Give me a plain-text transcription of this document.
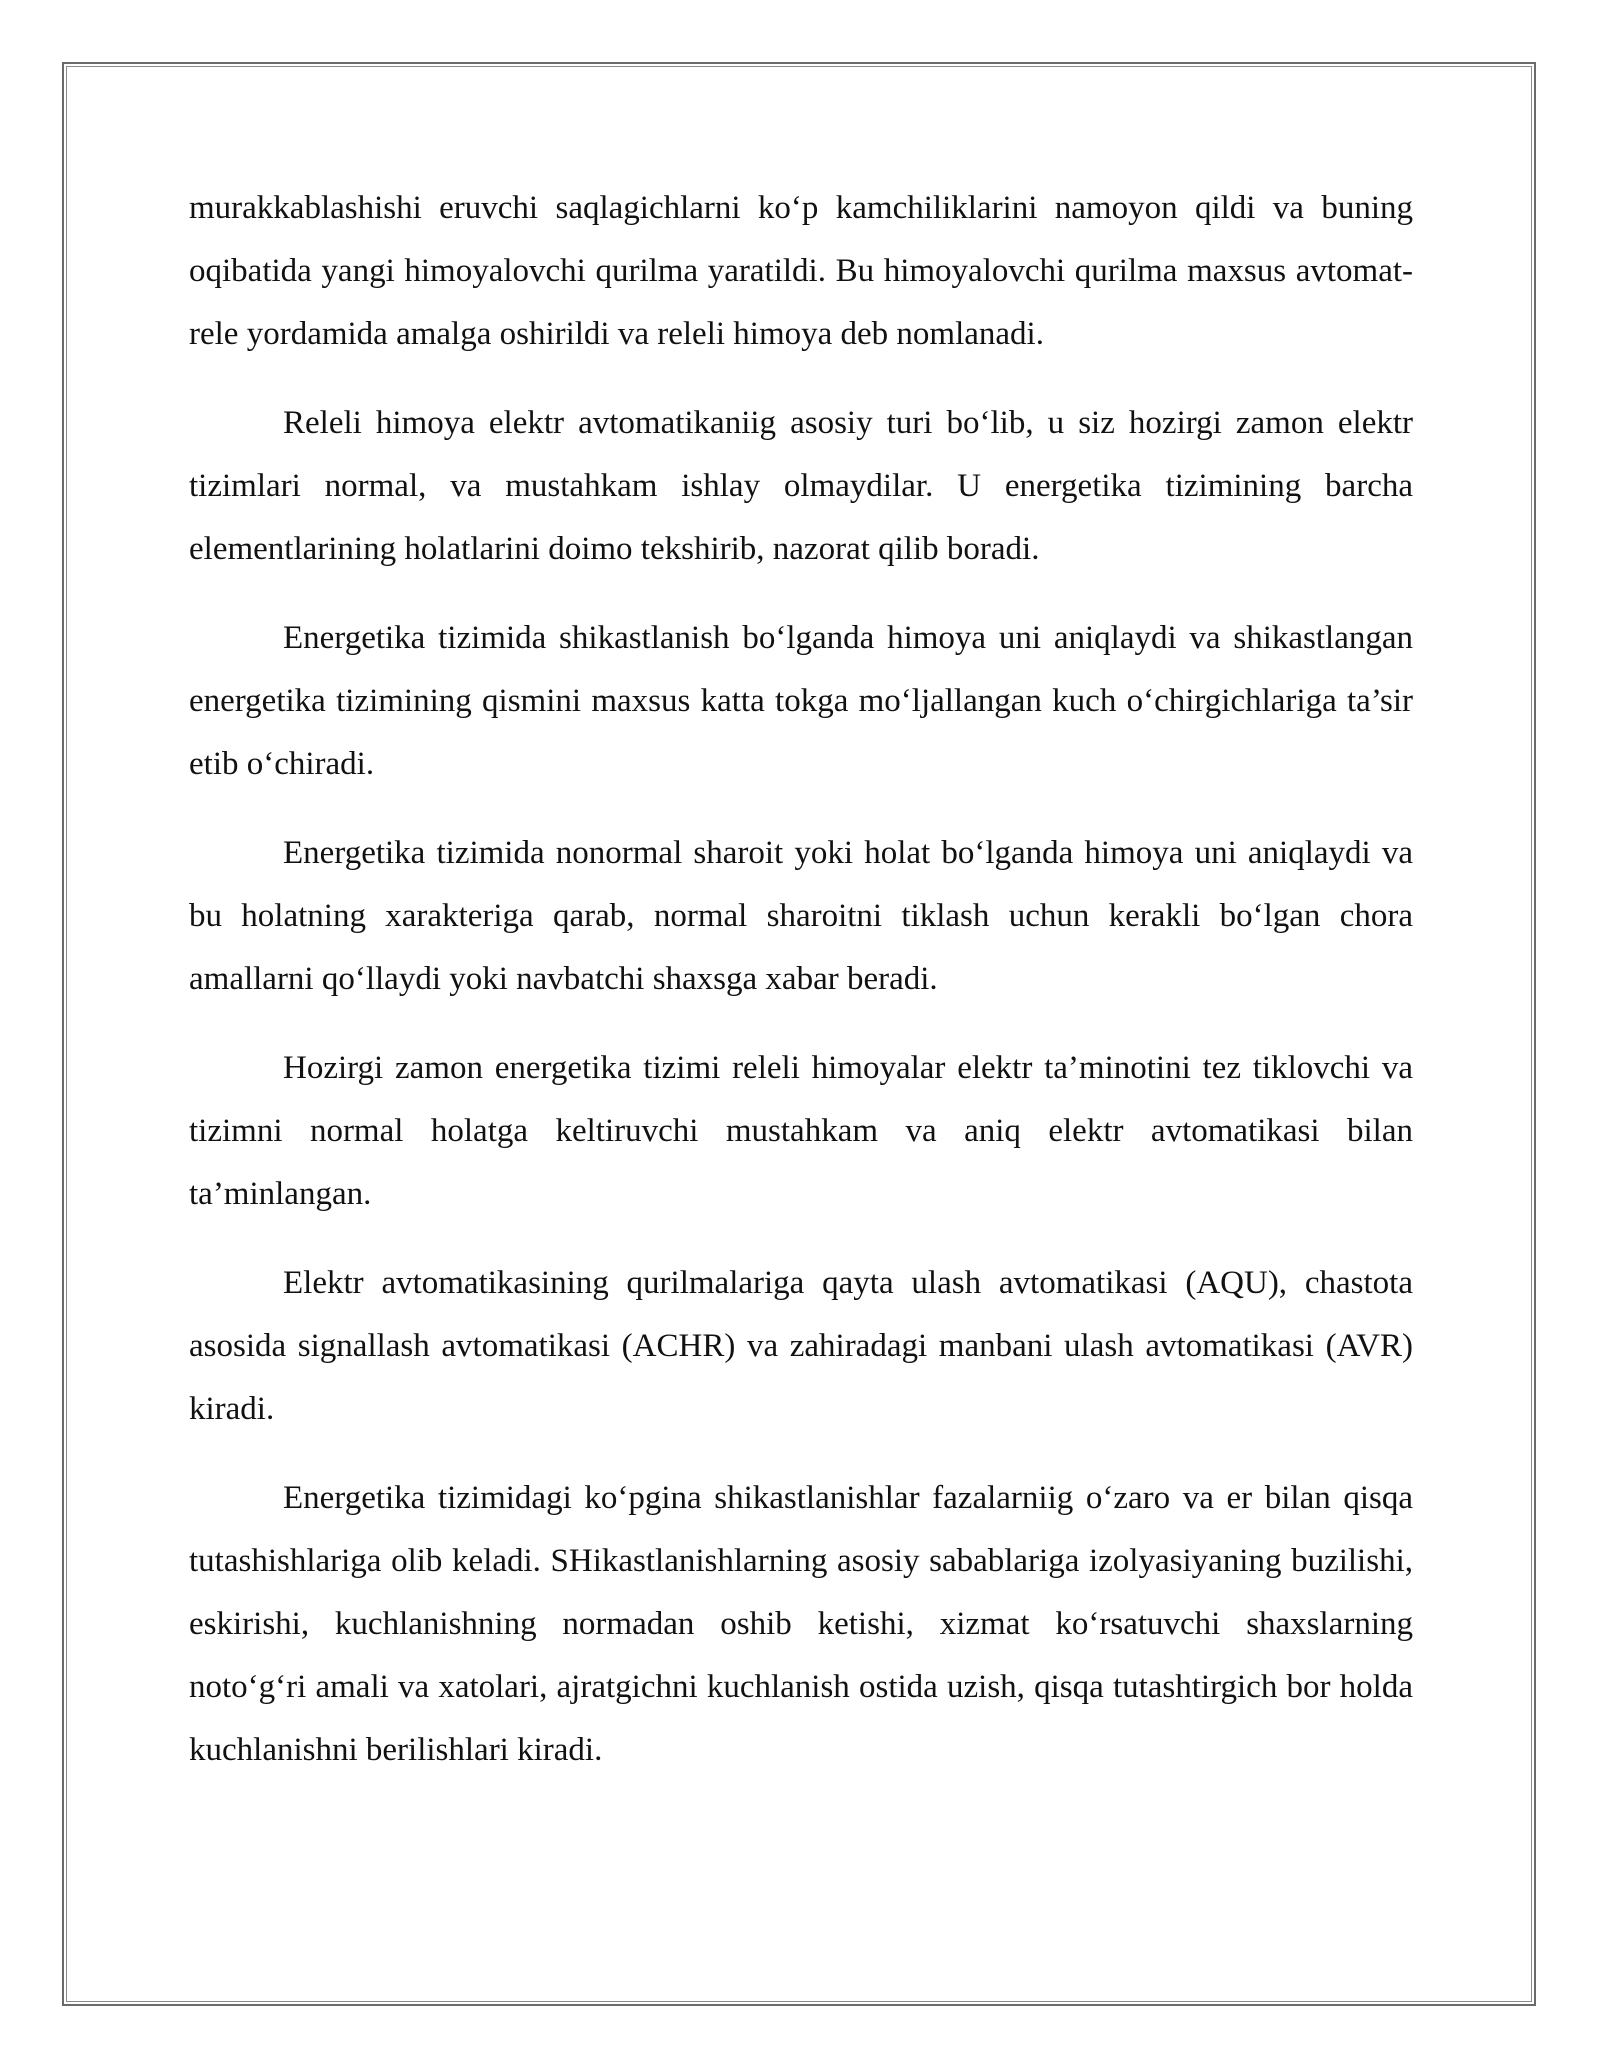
murakkablashishi eruvchi saqlagichlarni ko‘p kamchiliklarini namoyon qildi va buning oqibatida yangi himoyalovchi qurilma yaratildi. Bu himoyalovchi qurilma maxsus avtomat-rele yordamida amalga oshirildi va releli himoya deb nomlanadi.

Releli himoya elektr avtomatikaniig asosiy turi bo‘lib, u siz hozirgi zamon elektr tizimlari normal, va mustahkam ishlay olmaydilar. U energetika tizimining barcha elementlarining holatlarini doimo tekshirib, nazorat qilib boradi.

Energetika tizimida shikastlanish bo‘lganda himoya uni aniqlaydi va shikastlangan energetika tizimining qismini maxsus katta tokga mo‘ljallangan kuch o‘chirgichlariga ta’sir etib o‘chiradi.

Energetika tizimida nonormal sharoit yoki holat bo‘lganda himoya uni aniqlaydi va bu holatning xarakteriga qarab, normal sharoitni tiklash uchun kerakli bo‘lgan chora amallarni qo‘llaydi yoki navbatchi shaxsga xabar beradi.

Hozirgi zamon energetika tizimi releli himoyalar elektr ta’minotini tez tiklovchi va tizimni normal holatga keltiruvchi mustahkam va aniq elektr avtomatikasi bilan ta’minlangan.

Elektr avtomatikasining qurilmalariga qayta ulash avtomatikasi (AQU), chastota asosida signallash avtomatikasi (ACHR) va zahiradagi manbani ulash avtomatikasi (AVR) kiradi.

Energetika tizimidagi ko‘pgina shikastlanishlar fazalarniig o‘zaro va er bilan qisqa tutashishlariga olib keladi. SHikastlanishlarning asosiy sabablariga izolyasiyaning buzilishi, eskirishi, kuchlanishning normadan oshib ketishi, xizmat ko‘rsatuvchi shaxslarning noto‘g‘ri amali va xatolari, ajratgichni kuchlanish ostida uzish, qisqa tutashtirgich bor holda kuchlanishni berilishlari kiradi.
